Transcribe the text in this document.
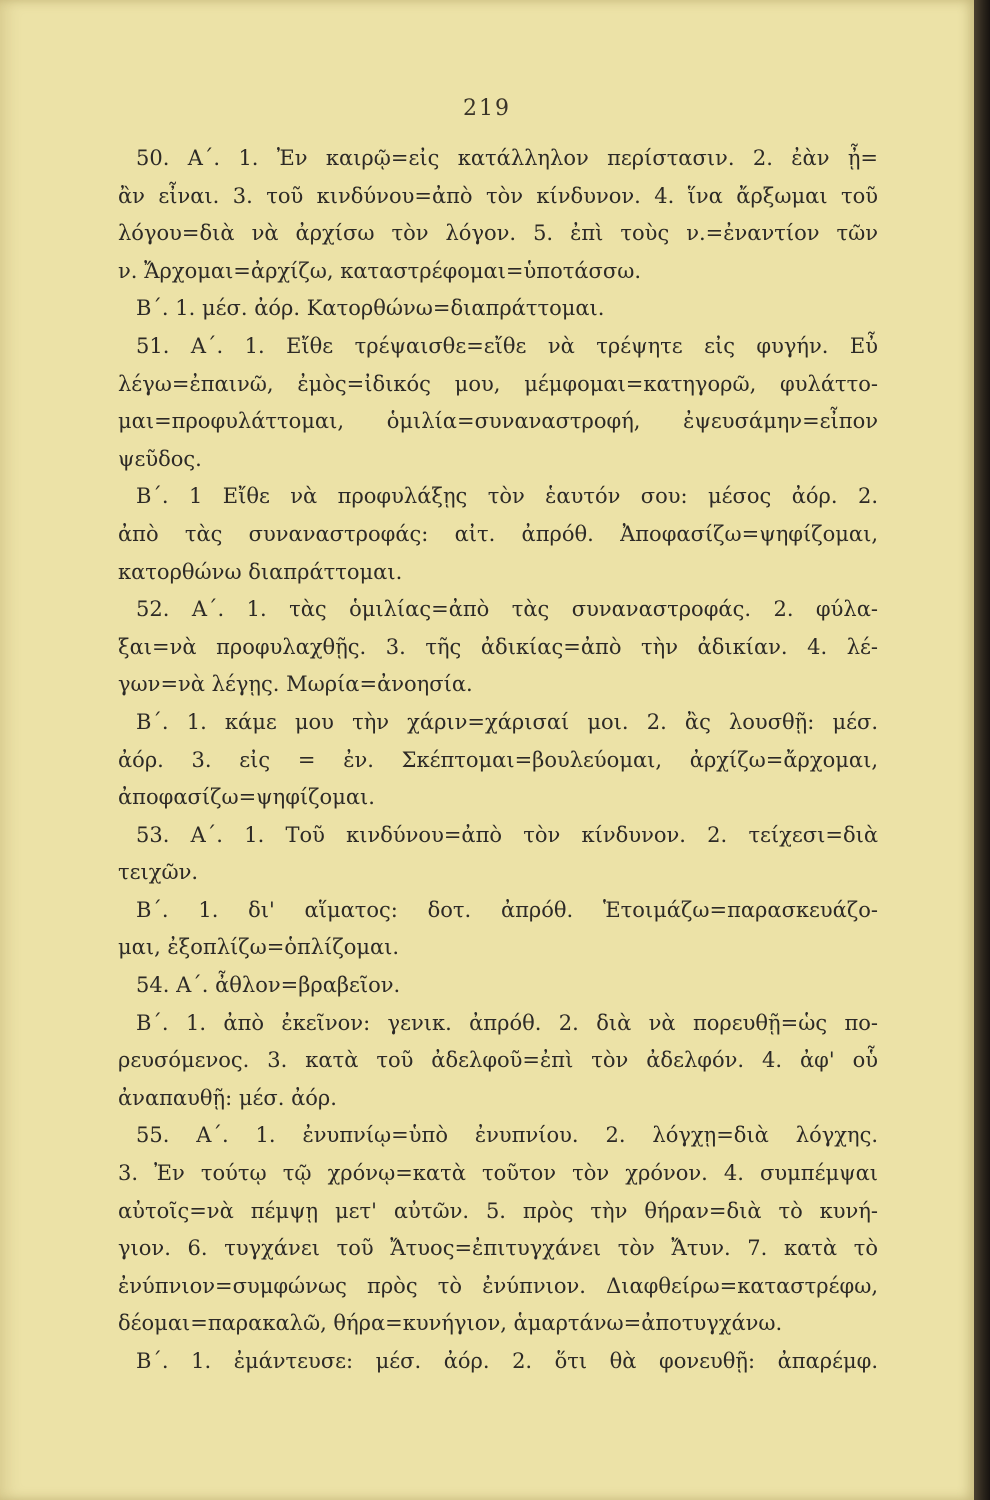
219
50. Α΄. 1. Ἐν καιρῷ=εἰς κατάλληλον περίστασιν. 2. ἐὰν ᾖ=
ἂν εἶναι. 3. τοῦ κινδύνου=ἀπὸ τὸν κίνδυνον. 4. ἵνα ἄρξωμαι τοῦ
λόγου=διὰ νὰ ἀρχίσω τὸν λόγον. 5. ἐπὶ τοὺς ν.=ἐναντίον τῶν
ν. Ἄρχομαι=ἀρχίζω, καταστρέφομαι=ὑποτάσσω.
Β΄. 1. μέσ. ἀόρ. Κατορθώνω=διαπράττομαι.
51. Α΄. 1. Εἴθε τρέψαισθε=εἴθε νὰ τρέψητε εἰς φυγήν. Εὖ
λέγω=ἐπαινῶ, ἐμὸς=ἰδικός μου, μέμφομαι=κατηγορῶ, φυλάττο-
μαι=προφυλάττομαι, ὁμιλία=συναναστροφή, ἐψευσάμην=εἶπον
ψεῦδος.
Β΄. 1 Εἴθε νὰ προφυλάξῃς τὸν ἑαυτόν σου: μέσος ἀόρ. 2.
ἀπὸ τὰς συναναστροφάς: αἰτ. ἀπρόθ. Ἀποφασίζω=ψηφίζομαι,
κατορθώνω διαπράττομαι.
52. Α΄. 1. τὰς ὁμιλίας=ἀπὸ τὰς συναναστροφάς. 2. φύλα-
ξαι=νὰ προφυλαχθῇς. 3. τῆς ἀδικίας=ἀπὸ τὴν ἀδικίαν. 4. λέ-
γων=νὰ λέγῃς. Μωρία=ἀνοησία.
Β΄. 1. κάμε μου τὴν χάριν=χάρισαί μοι. 2. ἂς λουσθῇ: μέσ.
ἀόρ. 3. εἰς = ἐν. Σκέπτομαι=βουλεύομαι, ἀρχίζω=ἄρχομαι,
ἀποφασίζω=ψηφίζομαι.
53. Α΄. 1. Τοῦ κινδύνου=ἀπὸ τὸν κίνδυνον. 2. τείχεσι=διὰ
τειχῶν.
Β΄. 1. δι' αἵματος: δοτ. ἀπρόθ. Ἑτοιμάζω=παρασκευάζο-
μαι, ἐξοπλίζω=ὁπλίζομαι.
54. Α΄. ἆθλον=βραβεῖον.
Β΄. 1. ἀπὸ ἐκεῖνον: γενικ. ἀπρόθ. 2. διὰ νὰ πορευθῇ=ὡς πο-
ρευσόμενος. 3. κατὰ τοῦ ἀδελφοῦ=ἐπὶ τὸν ἀδελφόν. 4. ἀφ' οὗ
ἀναπαυθῇ: μέσ. ἀόρ.
55. Α΄. 1. ἐνυπνίῳ=ὑπὸ ἐνυπνίου. 2. λόγχῃ=διὰ λόγχης.
3. Ἐν τούτῳ τῷ χρόνῳ=κατὰ τοῦτον τὸν χρόνον. 4. συμπέμψαι
αὐτοῖς=νὰ πέμψῃ μετ' αὐτῶν. 5. πρὸς τὴν θήραν=διὰ τὸ κυνή-
γιον. 6. τυγχάνει τοῦ Ἄτυος=ἐπιτυγχάνει τὸν Ἄτυν. 7. κατὰ τὸ
ἐνύπνιον=συμφώνως πρὸς τὸ ἐνύπνιον. Διαφθείρω=καταστρέφω,
δέομαι=παρακαλῶ, θήρα=κυνήγιον, ἁμαρτάνω=ἀποτυγχάνω.
Β΄. 1. ἐμάντευσε: μέσ. ἀόρ. 2. ὅτι θὰ φονευθῇ: ἀπαρέμφ.
